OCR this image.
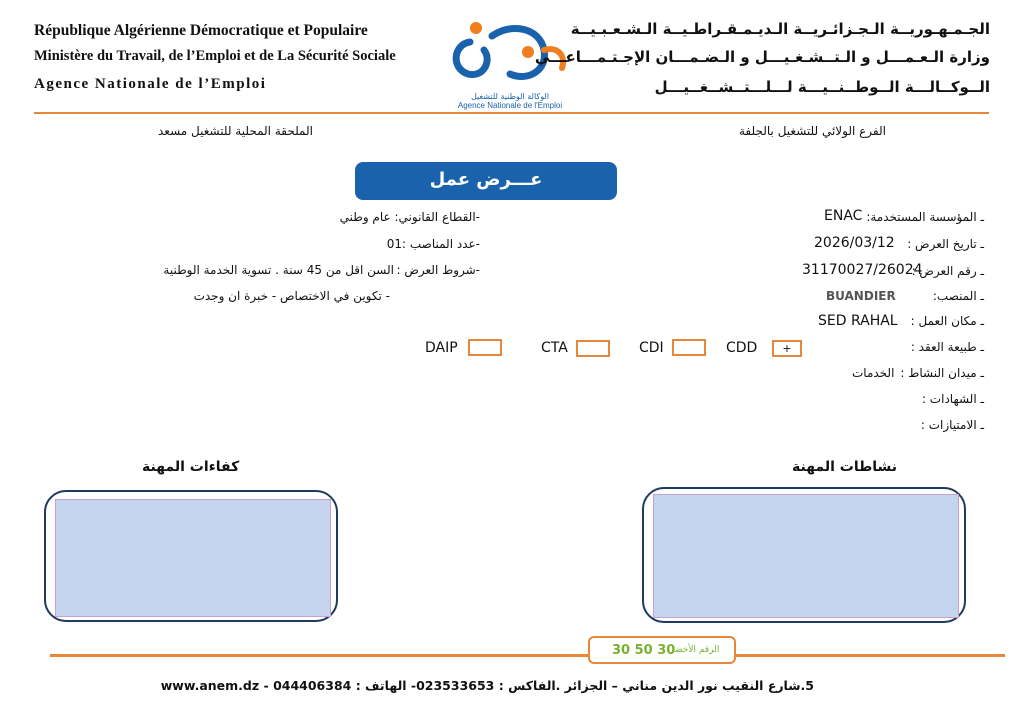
République Algérienne Démocratique et Populaire
Ministère du Travail, de l’Emploi et de La Sécurité Sociale
Agence Nationale de l’Emploi
الوكالة الوطنية للتشغيل
Agence Nationale de l'Emploi
الجـمـهـوريــة الـجـزائـريــة الـديـمـقـراطـيــة الـشـعـبـيــة
وزارة الـعـمـــل و الـتــشـغـيـــل و الـضـمـــان الإجـتـمـــاعـــي
الــوكــالـــة الــوطــنــيـــة لـــلـــتــشــغــيـــل
الفرع الولائي للتشغيل بالجلفة
الملحقة المحلية للتشغيل مسعد
عـــرض عمل
ـ المؤسسة المستخدمة:
ENAC
ـ تاريخ العرض :
2026/03/12
ـ رقم العرض :
31170027/26024
ـ المنصب:
BUANDIER
ـ مكان العمل :
SED RAHAL
ـ طبيعة العقد :
ـ ميدان النشاط :
الخدمات
ـ الشهادات :
ـ الامتيازات :
-القطاع القانوني: عام وطني
-عدد المناصب :01
-شروط العرض :
السن اقل من 45 سنة . تسوية الخدمة الوطنية
- تكوين في الاختصاص - خبرة ان وجدت
CDD	+
CDI
CTA
DAIP
نشاطات المهنة
كفاءات المهنة
الرقم الأخضر
30 50 30
5.شارع النقيب نور الدين مناني – الجزائر .الفاكس : 023533653- الهاتف : 044406384 - www.anem.dz
